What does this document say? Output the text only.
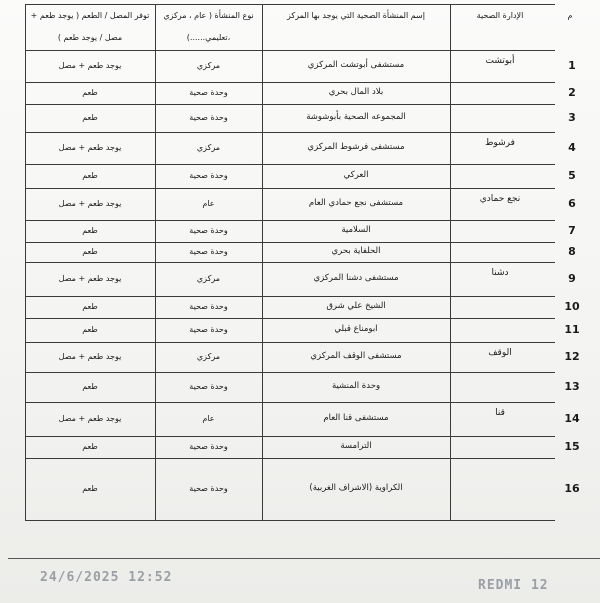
م
الإدارة الصحية
إسم المنشأة الصحية التي يوجد بها المركز
نوع المنشأة ( عام ، مركزي
،تعليمي......)
توفر المصل / الطعم ( يوجد طعم +
مصل / يوجد طعم )
1
أبوتشت
مستشفى أبوتشت المركزي
مركزي
يوجد طعم + مصل
2
بلاد المال بحري
وحدة صحية
طعم
3
المجموعه الصحية بأبوشوشة
وحدة صحية
طعم
4
فرشوط
مستشفى فرشوط المركزي
مركزي
يوجد طعم + مصل
5
العركي
وحدة صحية
طعم
6
نجع حمادي
مستشفى نجع حمادي العام
عام
يوجد طعم + مصل
7
السلامية
وحدة صحية
طعم
8
الحلفاية بحري
وحدة صحية
طعم
9
دشنا
مستشفى دشنا المركزي
مركزي
يوجد طعم + مصل
10
الشيخ علي شرق
وحدة صحية
طعم
11
ابومناع قبلي
وحدة صحية
طعم
12
الوقف
مستشفى الوقف المركزي
مركزي
يوجد طعم + مصل
13
وحدة المنشية
وحدة صحية
طعم
14
قنا
مستشفى قنا العام
عام
يوجد طعم + مصل
15
الترامسة
وحدة صحية
طعم
16
الكراوية (الاشراف الغربية)
وحدة صحية
طعم
24/6/2025 12:52
REDMI 12
